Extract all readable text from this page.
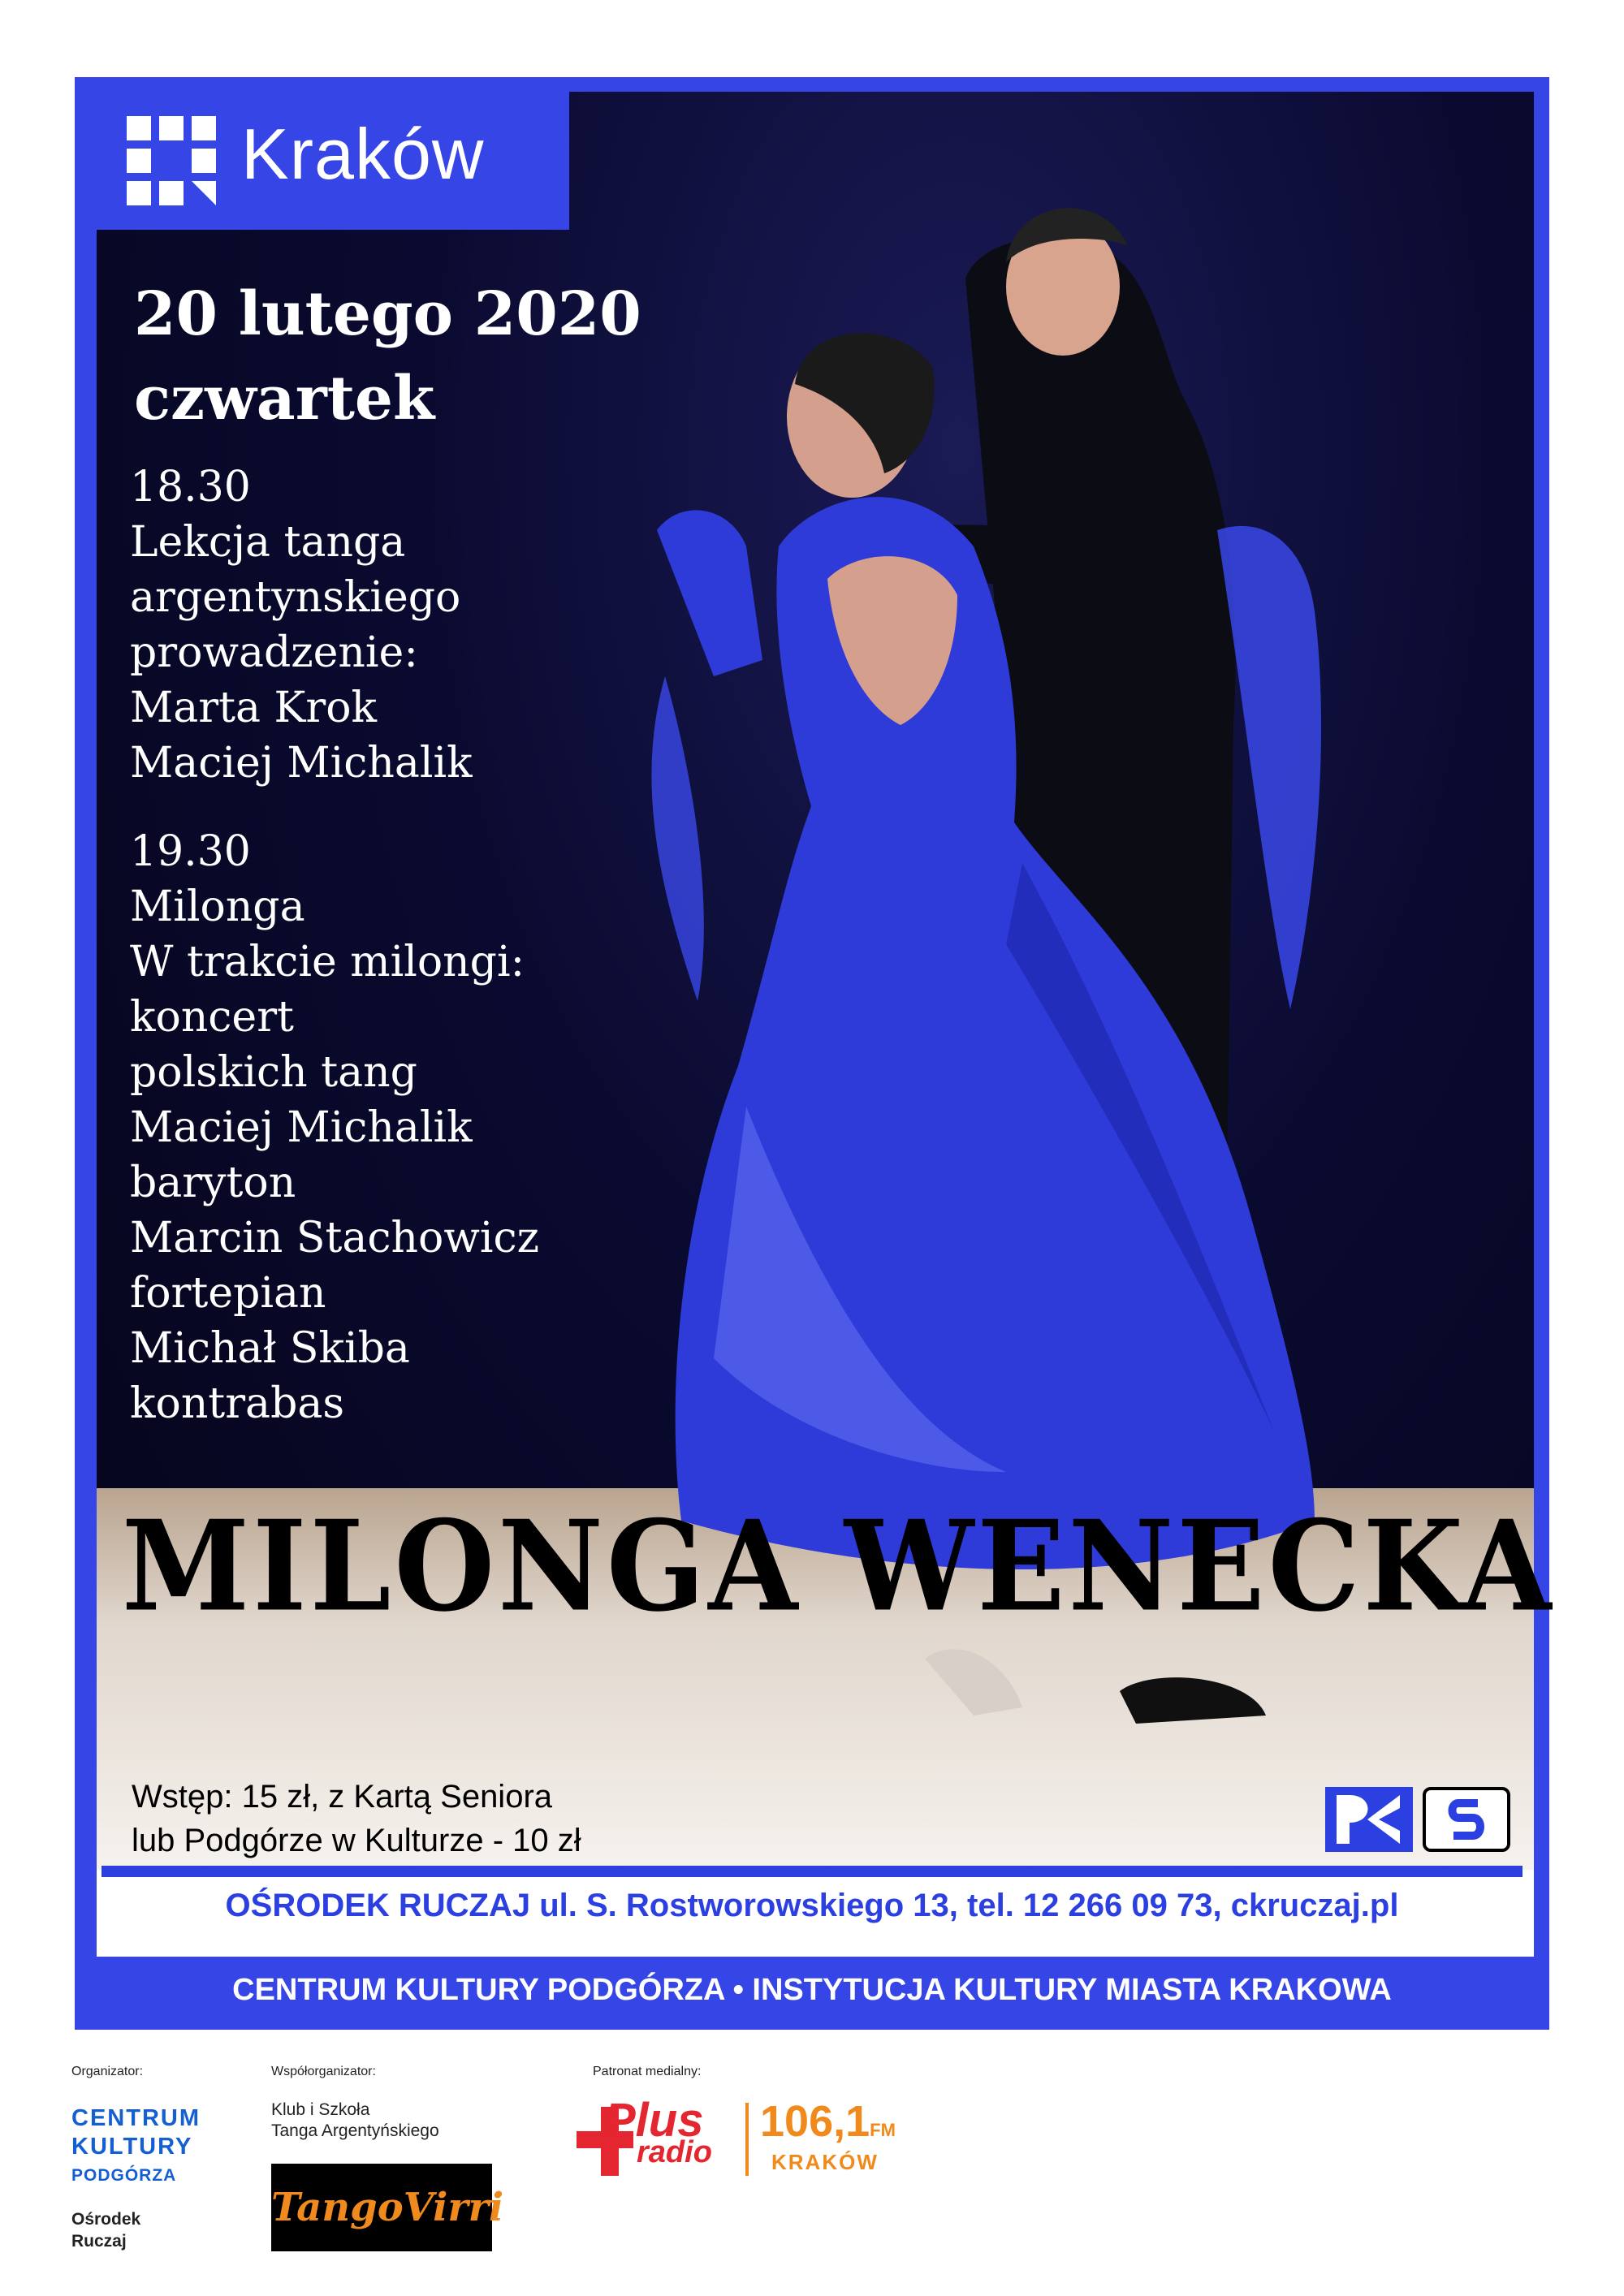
Kraków
20 lutego 2020
czwartek
18.30
Lekcja tanga
argentynskiego
prowadzenie:
Marta Krok
Maciej Michalik
19.30
Milonga
W trakcie milongi:
koncert
polskich tang
Maciej Michalik
baryton
Marcin Stachowicz
fortepian
Michał Skiba
kontrabas
MILONGA WENECKA
Wstęp: 15 zł, z Kartą Seniora
lub Podgórze w Kulturze - 10 zł
OŚRODEK RUCZAJ ul. S. Rostworowskiego 13, tel. 12 266 09 73, ckruczaj.pl
CENTRUM KULTURY PODGÓRZA • INSTYTUCJA KULTURY MIASTA KRAKOWA
Organizator:
CENTRUM
KULTURY
PODGÓRZA
Ośrodek
Ruczaj
Współorganizator:
Klub i Szkoła
Tanga Argentyńskiego
TangoVirri
Patronat medialny:
Plus
radio
106,1FM
KRAKÓW
